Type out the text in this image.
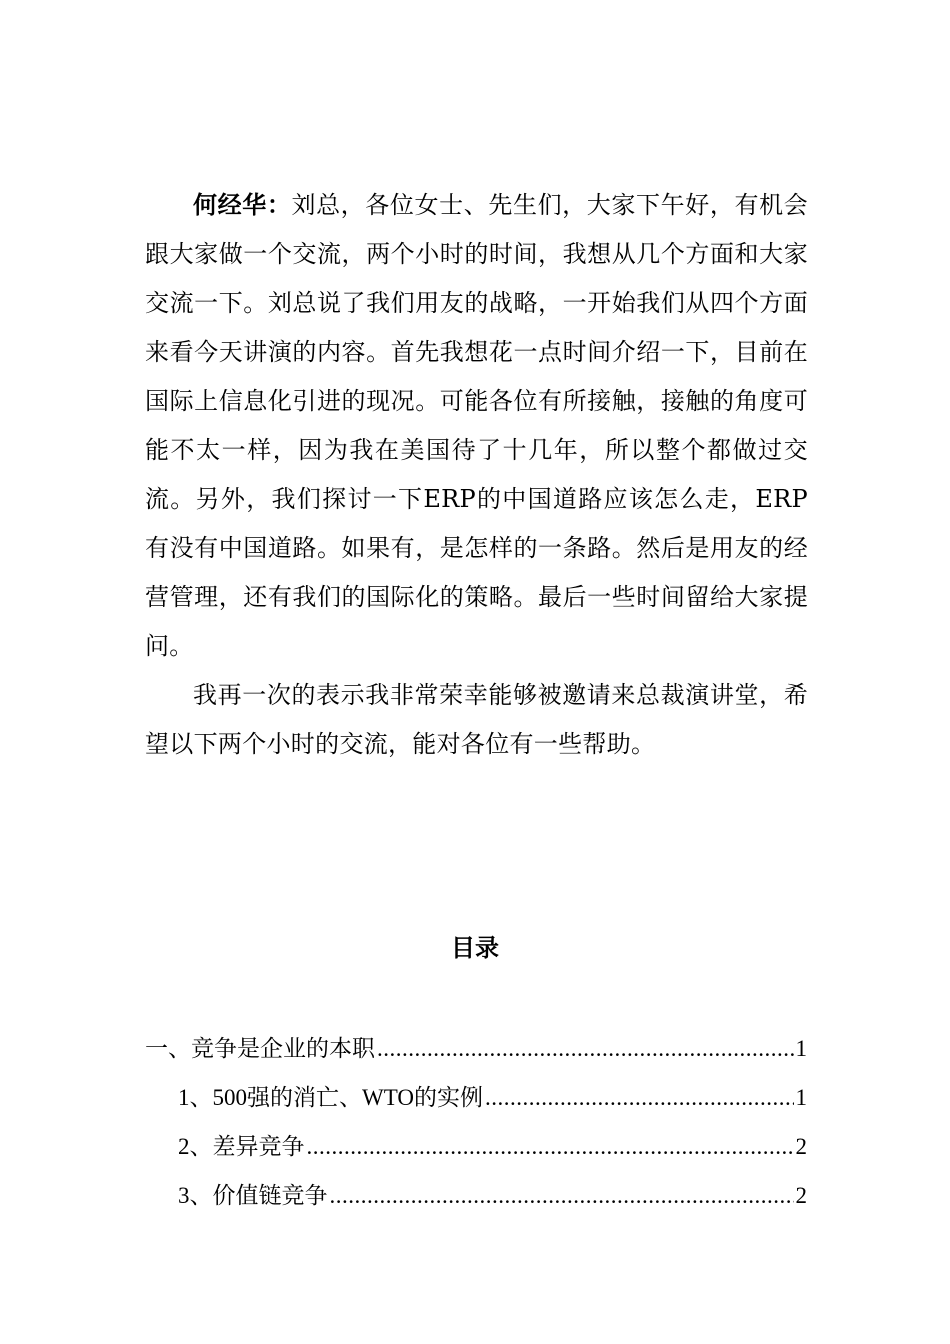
何经华：刘总，各位女士、先生们，大家下午好，有机会跟大家做一个交流，两个小时的时间，我想从几个方面和大家交流一下。刘总说了我们用友的战略，一开始我们从四个方面来看今天讲演的内容。首先我想花一点时间介绍一下，目前在国际上信息化引进的现况。可能各位有所接触，接触的角度可能不太一样，因为我在美国待了十几年，所以整个都做过交流。另外，我们探讨一下ERP的中国道路应该怎么走，ERP有没有中国道路。如果有，是怎样的一条路。然后是用友的经营管理，还有我们的国际化的策略。最后一些时间留给大家提问。

我再一次的表示我非常荣幸能够被邀请来总裁演讲堂，希望以下两个小时的交流，能对各位有一些帮助。

目录
一、竞争是企业的本职 .....	1
1、500强的消亡、WTO的实例 .....	1
2、差异竞争 .....	2
3、价值链竞争 .....	2
